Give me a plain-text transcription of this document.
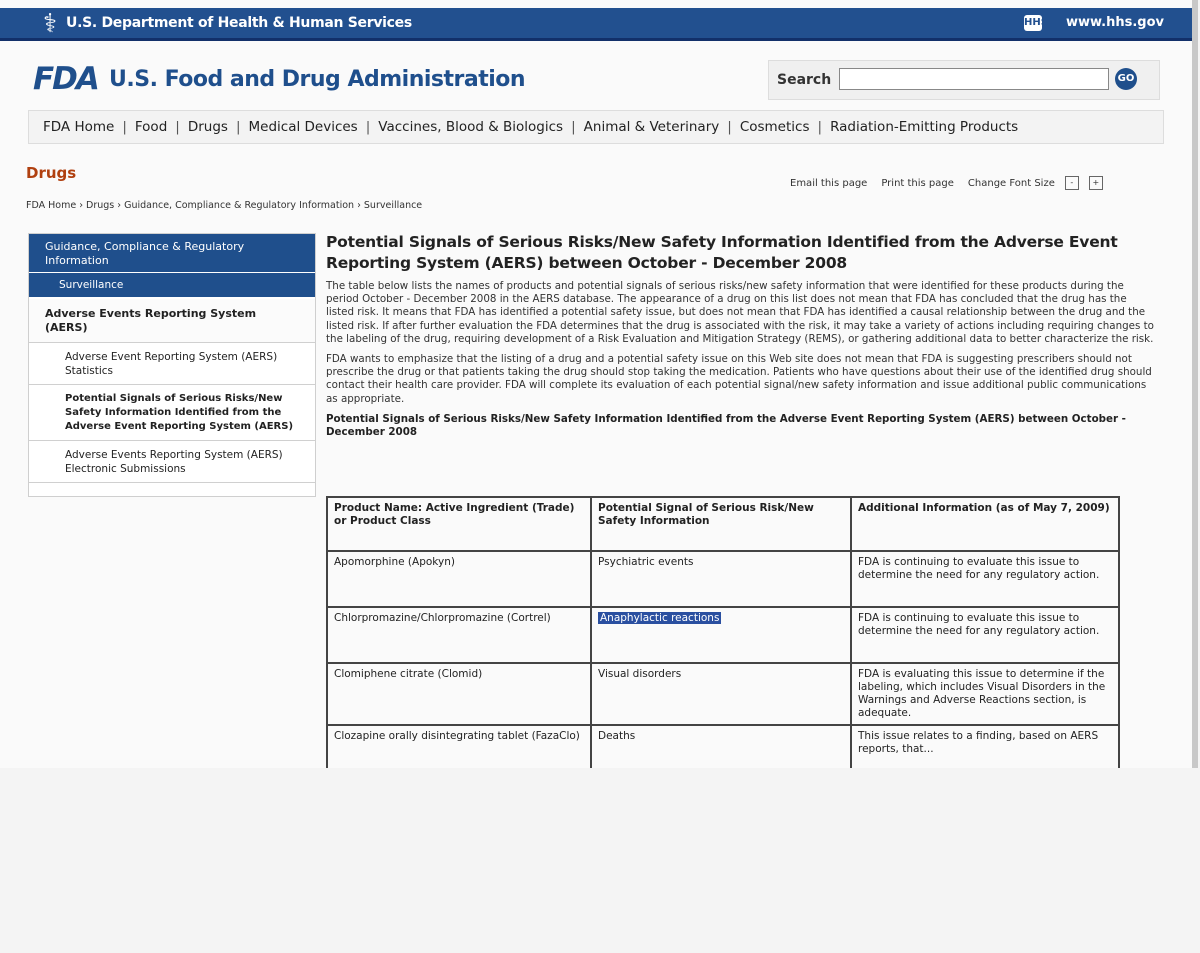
⚕ U.S. Department of Health & Human Services	HHS www.hhs.gov
FDA U.S. Food and Drug Administration	Search	GO
FDA Home | Food | Drugs | Medical Devices | Vaccines, Blood & Biologics | Animal & Veterinary | Cosmetics | Radiation-Emitting Products
Drugs
Email this page Print this page Change Font Size	-	+
FDA Home › Drugs › Guidance, Compliance & Regulatory Information › Surveillance
Guidance, Compliance & Regulatory Information
Surveillance
Adverse Events Reporting System (AERS)
Adverse Event Reporting System (AERS) Statistics
Potential Signals of Serious Risks/New Safety Information Identified from the Adverse Event Reporting System (AERS)
Adverse Events Reporting System (AERS) Electronic Submissions
Potential Signals of Serious Risks/New Safety Information Identified from the Adverse Event Reporting System (AERS) between October - December 2008

The table below lists the names of products and potential signals of serious risks/new safety information that were identified for these products during the period October - December 2008 in the AERS database. The appearance of a drug on this list does not mean that FDA has concluded that the drug has the listed risk. It means that FDA has identified a potential safety issue, but does not mean that FDA has identified a causal relationship between the drug and the listed risk. If after further evaluation the FDA determines that the drug is associated with the risk, it may take a variety of actions including requiring changes to the labeling of the drug, requiring development of a Risk Evaluation and Mitigation Strategy (REMS), or gathering additional data to better characterize the risk.

FDA wants to emphasize that the listing of a drug and a potential safety issue on this Web site does not mean that FDA is suggesting prescribers should not prescribe the drug or that patients taking the drug should stop taking the medication. Patients who have questions about their use of the identified drug should contact their health care provider. FDA will complete its evaluation of each potential signal/new safety information and issue additional public communications as appropriate.

Potential Signals of Serious Risks/New Safety Information Identified from the Adverse Event Reporting System (AERS) between October - December 2008
Product Name: Active Ingredient (Trade) or Product Class	Potential Signal of Serious Risk/New Safety Information	Additional Information (as of May 7, 2009)
Apomorphine (Apokyn)	Psychiatric events	FDA is continuing to evaluate this issue to determine the need for any regulatory action.
Chlorpromazine/Chlorpromazine (Cortrel)	Anaphylactic reactions	FDA is continuing to evaluate this issue to determine the need for any regulatory action.
Clomiphene citrate (Clomid)	Visual disorders	FDA is evaluating this issue to determine if the labeling, which includes Visual Disorders in the Warnings and Adverse Reactions section, is adequate.
Clozapine orally disintegrating tablet (FazaClo)	Deaths	This issue relates to a finding, based on AERS reports, that...
